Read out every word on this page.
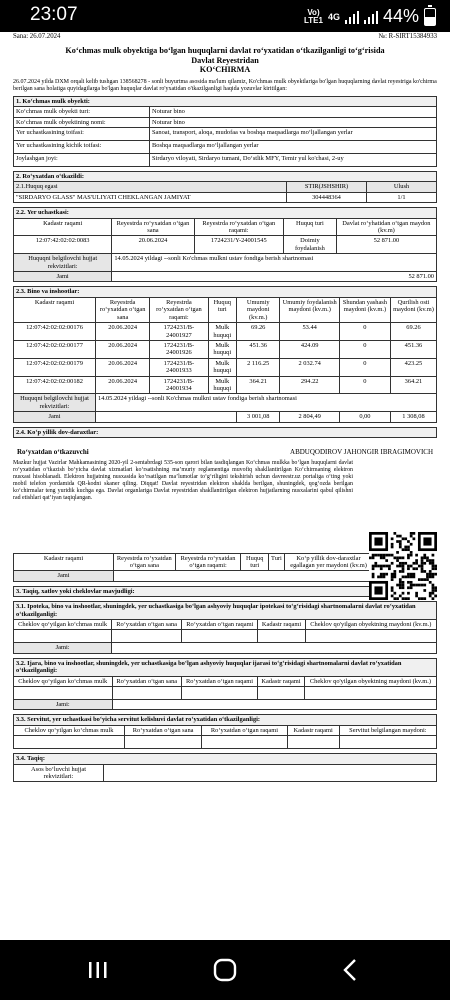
23:07	Vo)
LTE1 4G 44%
Sana: 26.07.2024	№: R-SIRT15384933
Ko‘chmas mulk obyektiga bo‘lgan huquqlarni davlat ro‘yxatidan o‘tkazilganligi to‘g‘risida
Davlat Reyestridan
KO‘CHIRMA
26.07.2024 yilda DXM orqali kelib tushgan 138568278 - sonli buyurtma asosida ma'lum qilamiz, Ko'chmas mulk obyektlariga bo'lgan huquqlarning davlat reyestriga ko'chirma berilgan sana holatiga quyidagilarga bo'lgan huquqlar davlat ro'yxatidan o'tkazilganligi haqida yozuvlar kiritilgan:
1. Ko‘chmas mulk obyekti:	
Ko‘chmas mulk obyekti turi:	Noturar bino
Ko‘chmas mulk obyektining nomi:	Noturar bino
Yer uchastkasining toifasi:	Sanoat, transport, aloqa, mudofaa va boshqa maqsadlarga mo‘ljallangan yerlar
Yer uchastkasining kichik toifasi:	Boshqa maqsadlarga mo‘ljallangan yerlar
Joylashgan joyi:	Sirdaryo viloyati, Sirdaryo tumani, Do‘stlik MFY, Temir yul ko'chasi, 2-uy
2. Ro‘yxatdan o‘tkazildi:		
2.1.Huquq egasi	STIR(JSHSHIR)	Ulush
"SIRDARYO GLASS" MAS'ULIYATI CHEKLANGAN JAMIYAT	304448364	1/1
2.2. Yer uchastkasi:				
Kadastr raqami	Reyestrda ro‘yxatdan o‘tgan sana	Reyestrda ro‘yxatdan o‘tgan raqami:	Huquq turi	Davlat ro‘yhatidan o‘tgan maydon (kv.m)
12:07:42:02:02:0083	20.06.2024	1724231/Y-24001545	Doimiy foydalanish	52 871.00
Huquqni belgilovchi hujjat rekvizitlari:	14.05.2024 yildagi --sonli Ko'chmas mulkni ustav fondiga berish shartnomasi			
Jami	52 871.00			
2.3. Bino va inshootlar:							
Kadastr raqami	Reyestrda ro‘yxatdan o‘tgan sana	Reyestrda ro‘yxatdan o‘tgan raqami:	Huquq turi	Umumiy maydoni (kv.m.)	Umumiy foydalanish maydoni (kv.m.)	Shundan yashash maydoni (kv.m.)	Qurilish osti maydoni (kv.m)
12:07:42:02:02:00176	20.06.2024	1724231/B-24001927	Mulk huquqi	69.26	53.44	0	69.26
12:07:42:02:02:00177	20.06.2024	1724231/B-24001926	Mulk huquqi	451.36	424.09	0	451.36
12:07:42:02:02:00179	20.06.2024	1724231/B-24001933	Mulk huquqi	2 116.25	2 032.74	0	423.25
12:07:42:02:02:00182	20.06.2024	1724231/B-24001934	Mulk huquqi	364.21	294.22	0	364.21
Huquqni belgilovchi hujjat rekvizitlari:	14.05.2024 yildagi --sonli Ko'chmas mulkni ustav fondiga berish shartnomasi						
Jami				3 001,08	2 804,49	0,00	1 308,08
2.4. Ko‘p yillik dov-daraxtlar:
Ro‘yxatdan o‘tkazuvchi	ABDUQODIROV JAHONGIR IBRAGIMOVICH
Mazkur hujjat Vazirlar Mahkamasining 2020-yil 2-sentabrdagi 535-son qarori bilan tasdiqlangan Ko‘chmas mulkka bo‘lgan huquqlarni davlat ro‘yxatidan o‘tkazish bo‘yicha davlat xizmatlari ko‘rsatishning ma’muriy reglamentiga muvofiq shakllantirilgan Ko‘chirmaning elektron nusxasi hisoblanadi. Elektron hujjatning nusxasida ko‘rsatilgan ma’lumotlar to‘g‘riligini tekshirish uchun davreestr.uz portaliga o‘ting yoki mobil telefon yordamida QR-kodni skaner qiling. Diqqat! Davlat reyestridan elektron shaklda berilgan, shuningdek, qog‘ozda berilgan ko‘chirmalar teng yuridik kuchga ega. Davlat organlariga Davlat reyestridan shakllantirilgan elektron hujjatlarning nusxalarini qabul qilishni rad etishlari qat’iyan taqiqlangan.
Kadastr raqami	Reyestrda ro‘yxatdan o‘tgan sana	Reyestrda ro‘yxatdan o‘tgan raqami:	Huquq turi	Turi	Ko‘p yillik dov-daraxtlar egallagan yer maydoni (kv.m)	
Jami						
3. Taqiq, xatlov yoki cheklovlar mavjudligi:
3.1. Ipoteka, bino va inshootlar, shuningdek, yer uchastkasiga bo‘lgan ashyoviy huquqlar ipotekasi to‘g‘risidagi shartnomalarni davlat ro‘yxatidan o‘tkazilganligi:				
Cheklov qo‘yilgan ko‘chmas mulk	Ro‘yxatdan o‘tgan sana	Ro‘yxatdan o‘tgan raqami	Kadastr raqami	Cheklov qo'yilgan obyektning maydoni (kv.m.)

Jami:				
3.2. Ijara, bino va inshootlar, shuningdek, yer uchastkasiga bo‘lgan ashyoviy huquqlar ijarasi to‘g‘risidagi shartnomalarni davlat ro‘yxatidan o‘tkazilganligi:				
Cheklov qo‘yilgan ko‘chmas mulk	Ro‘yxatdan o‘tgan sana	Ro‘yxatdan o‘tgan raqami	Kadastr raqami	Cheklov qo'yilgan obyektning maydoni (kv.m.)

Jami:				
3.3. Servitut, yer uchastkasi bo‘yicha servitut kelishuvi davlat ro‘yxatidan o‘tkazilganligi:				
Cheklov qo‘yilgan ko‘chmas mulk	Ro‘yxatdan o‘tgan sana	Ro‘yxatdan o‘tgan raqami	Kadastr raqami	Servitut belgilangan maydoni:

3.4. Taqiq:
Asos bo‘luvchi hujjat rekvizitlari:	
